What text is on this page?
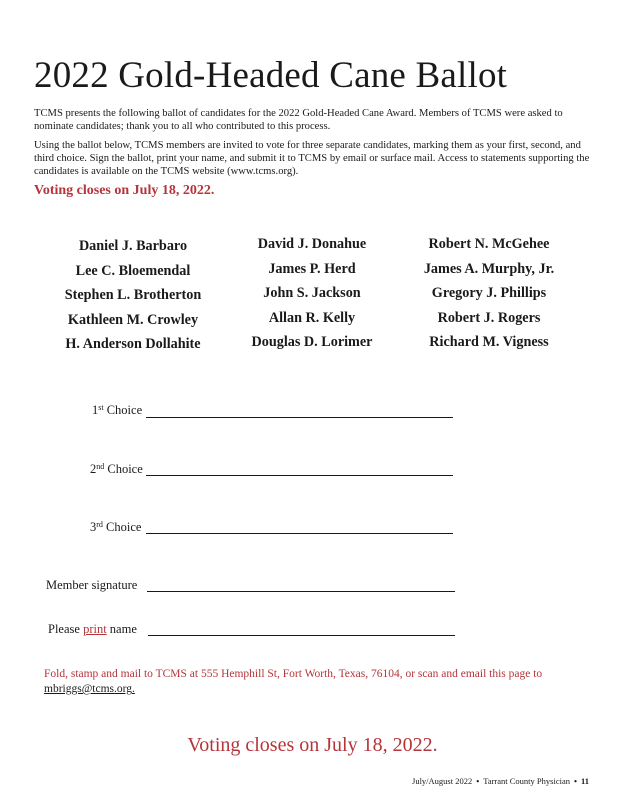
2022 Gold-Headed Cane Ballot
TCMS presents the following ballot of candidates for the 2022 Gold-Headed Cane Award. Members of TCMS were asked to nominate candidates; thank you to all who contributed to this process.
Using the ballot below, TCMS members are invited to vote for three separate candidates, marking them as your first, second, and third choice. Sign the ballot, print your name, and submit it to TCMS by email or surface mail. Access to statements supporting the candidates is available on the TCMS website (www.tcms.org).
Voting closes on July 18, 2022.
Daniel J. Barbaro
Lee C. Bloemendal
Stephen L. Brotherton
Kathleen M. Crowley
H. Anderson Dollahite
David J. Donahue
James P. Herd
John S. Jackson
Allan R. Kelly
Douglas D. Lorimer
Robert N. McGehee
James A. Murphy, Jr.
Gregory J. Phillips
Robert J. Rogers
Richard M. Vigness
1st Choice
2nd Choice
3rd Choice
Member signature
Please print name
Fold, stamp and mail to TCMS at 555 Hemphill St, Fort Worth, Texas, 76104, or scan and email this page to mbriggs@tcms.org.
Voting closes on July 18, 2022.
July/August 2022 • Tarrant County Physician • 11
